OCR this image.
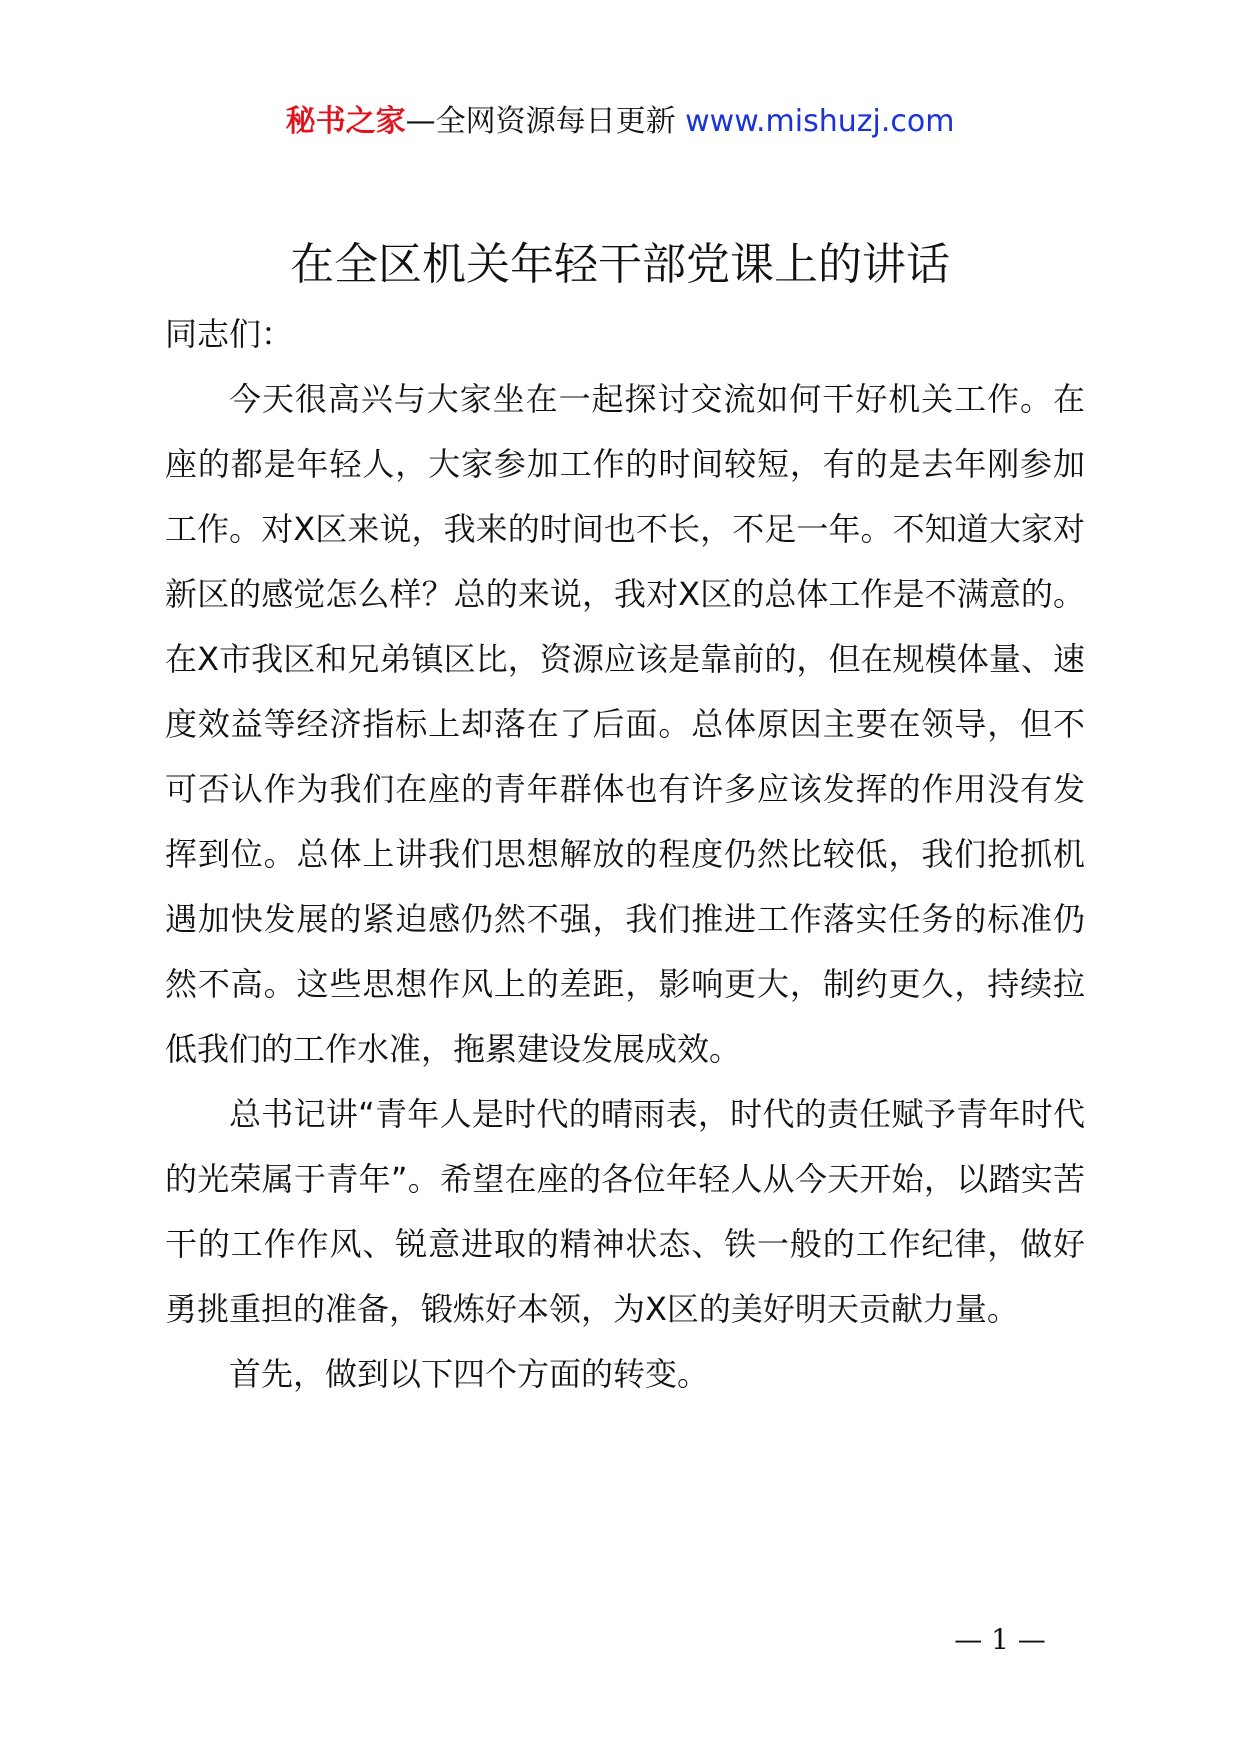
秘书之家—全网资源每日更新 www.mishuzj.com
在全区机关年轻干部党课上的讲话

同志们：

今天很高兴与大家坐在一起探讨交流如何干好机关工作。在座的都是年轻人，大家参加工作的时间较短，有的是去年刚参加工作。对X区来说，我来的时间也不长，不足一年。不知道大家对新区的感觉怎么样？总的来说，我对X区的总体工作是不满意的。在X市我区和兄弟镇区比，资源应该是靠前的，但在规模体量、速度效益等经济指标上却落在了后面。总体原因主要在领导，但不可否认作为我们在座的青年群体也有许多应该发挥的作用没有发挥到位。总体上讲我们思想解放的程度仍然比较低，我们抢抓机遇加快发展的紧迫感仍然不强，我们推进工作落实任务的标准仍然不高。这些思想作风上的差距，影响更大，制约更久，持续拉低我们的工作水准，拖累建设发展成效。

总书记讲“青年人是时代的晴雨表，时代的责任赋予青年时代的光荣属于青年”。希望在座的各位年轻人从今天开始，以踏实苦干的工作作风、锐意进取的精神状态、铁一般的工作纪律，做好勇挑重担的准备，锻炼好本领，为X区的美好明天贡献力量。

首先，做到以下四个方面的转变。

— 1 —
